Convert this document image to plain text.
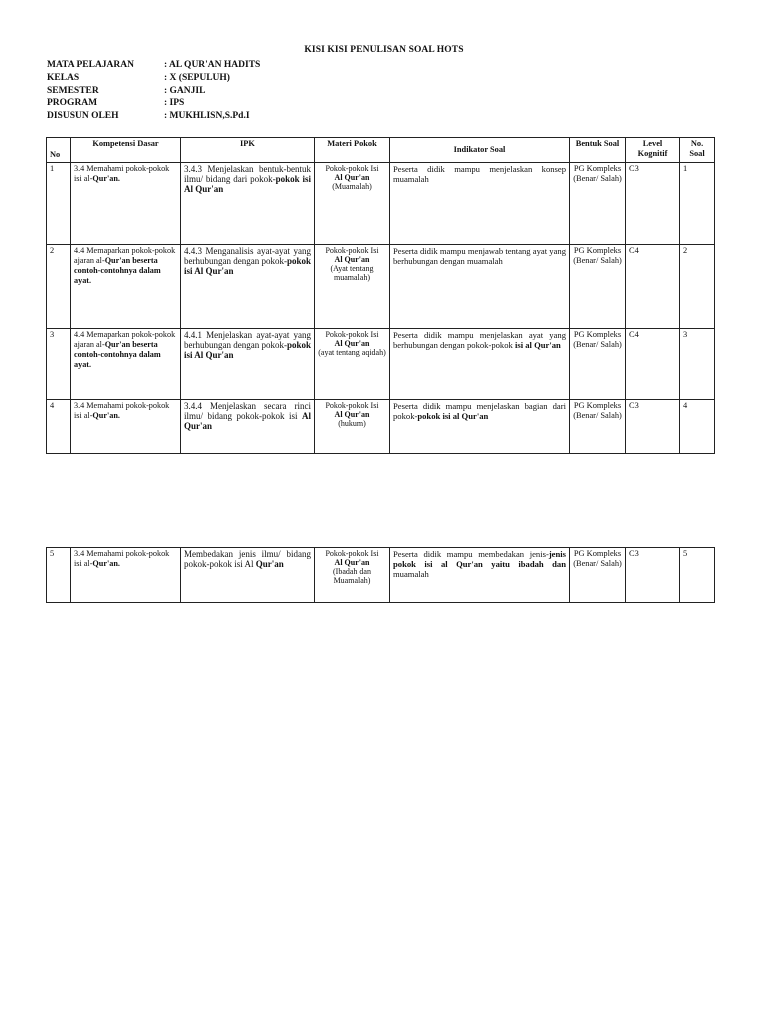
KISI KISI PENULISAN SOAL HOTS
MATA PELAJARAN	: AL QUR'AN HADITS
KELAS	: X (SEPULUH)
SEMESTER	: GANJIL
PROGRAM	: IPS
DISUSUN OLEH	: MUKHLISN,S.Pd.I
No	Kompetensi Dasar	IPK	Materi Pokok	Indikator Soal	Bentuk Soal	Level Kognitif	No. Soal
1	3.4 Memahami pokok-pokok isi al-Qur'an.	3.4.3 Menjelaskan bentuk-bentuk ilmu/ bidang dari pokok-pokok isi Al Qur'an	Pokok-pokok Isi
Al Qur'an
(Muamalah)	Peserta didik mampu menjelaskan konsep muamalah	PG Kompleks (Benar/ Salah)	C3	1
2	4.4 Memaparkan pokok-pokok ajaran al-Qur'an beserta contoh-contohnya dalam ayat.	4.4.3 Menganalisis ayat-ayat yang berhubungan dengan pokok-pokok isi Al Qur'an	Pokok-pokok Isi
Al Qur'an
(Ayat tentang muamalah)	Peserta didik mampu menjawab tentang ayat yang berhubungan dengan muamalah	PG Kompleks (Benar/ Salah)	C4	2
3	4.4 Memaparkan pokok-pokok ajaran al-Qur'an beserta contoh-contohnya dalam ayat.	4.4.1 Menjelaskan ayat-ayat yang berhubungan dengan pokok-pokok isi Al Qur'an	Pokok-pokok Isi
Al Qur'an
(ayat tentang aqidah)	Peserta didik mampu menjelaskan ayat yang berhubungan dengan pokok-pokok isi al Qur'an	PG Kompleks (Benar/ Salah)	C4	3
4	3.4 Memahami pokok-pokok isi al-Qur'an.	3.4.4 Menjelaskan secara rinci ilmu/ bidang pokok-pokok isi Al Qur'an	Pokok-pokok Isi
Al Qur'an
(hukum)	Peserta didik mampu menjelaskan bagian dari pokok-pokok isi al Qur'an	PG Kompleks (Benar/ Salah)	C3	4
5	3.4 Memahami pokok-pokok isi al-Qur'an.	Membedakan jenis ilmu/ bidang pokok-pokok isi Al Qur'an	
Pokok-pokok Isi
Al Qur'an
(Ibadah dan Muamalah)
	Peserta didik mampu membedakan jenis-jenis pokok isi al Qur'an yaitu ibadah dan muamalah	PG Kompleks (Benar/ Salah)	C3	5
